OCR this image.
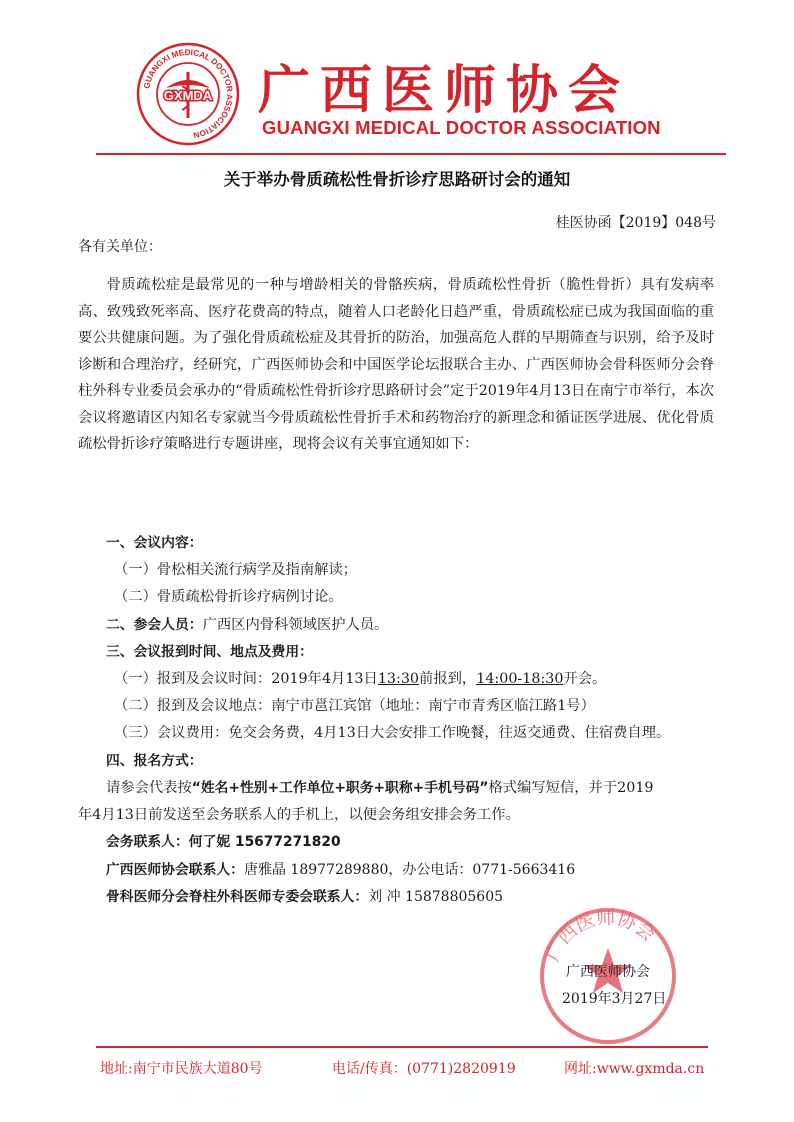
GUANGXI MEDICAL DOCTOR ASSOCIATION
GXMDA 广西医师协会
GUANGXI MEDICAL DOCTOR ASSOCIATION
关于举办骨质疏松性骨折诊疗思路研讨会的通知
桂医协函【2019】048号
各有关单位：
骨质疏松症是最常见的一种与增龄相关的骨骼疾病，骨质疏松性骨折（脆性骨折）具有发病率高、致残致死率高、医疗花费高的特点，随着人口老龄化日趋严重，骨质疏松症已成为我国面临的重要公共健康问题。为了强化骨质疏松症及其骨折的防治，加强高危人群的早期筛查与识别，给予及时诊断和合理治疗，经研究，广西医师协会和中国医学论坛报联合主办、广西医师协会骨科医师分会脊柱外科专业委员会承办的“骨质疏松性骨折诊疗思路研讨会”定于2019年4月13日在南宁市举行，本次会议将邀请区内知名专家就当今骨质疏松性骨折手术和药物治疗的新理念和循证医学进展、优化骨质疏松骨折诊疗策略进行专题讲座，现将会议有关事宜通知如下：
一、会议内容：
（一）骨松相关流行病学及指南解读；
（二）骨质疏松骨折诊疗病例讨论。
二、参会人员：广西区内骨科领域医护人员。
三、会议报到时间、地点及费用：
（一）报到及会议时间：2019年4月13日13:30前报到，14:00-18:30开会。
（二）报到及会议地点：南宁市邕江宾馆（地址：南宁市青秀区临江路1号）
（三）会议费用：免交会务费，4月13日大会安排工作晚餐，往返交通费、住宿费自理。
四、报名方式：
请参会代表按“姓名+性别+工作单位+职务+职称+手机号码”格式编写短信，并于2019
年4月13日前发送至会务联系人的手机上，以便会务组安排会务工作。
会务联系人：何了妮 15677271820
广西医师协会联系人：唐雅晶 18977289880，办公电话：0771-5663416
骨科医师分会脊柱外科医师专委会联系人：刘 冲 15878805605
广西医师协会
广西医师协会
2019年3月27日
地址:南宁市民族大道80号	电话/传真：(0771)2820919	网址:www.gxmda.cn
